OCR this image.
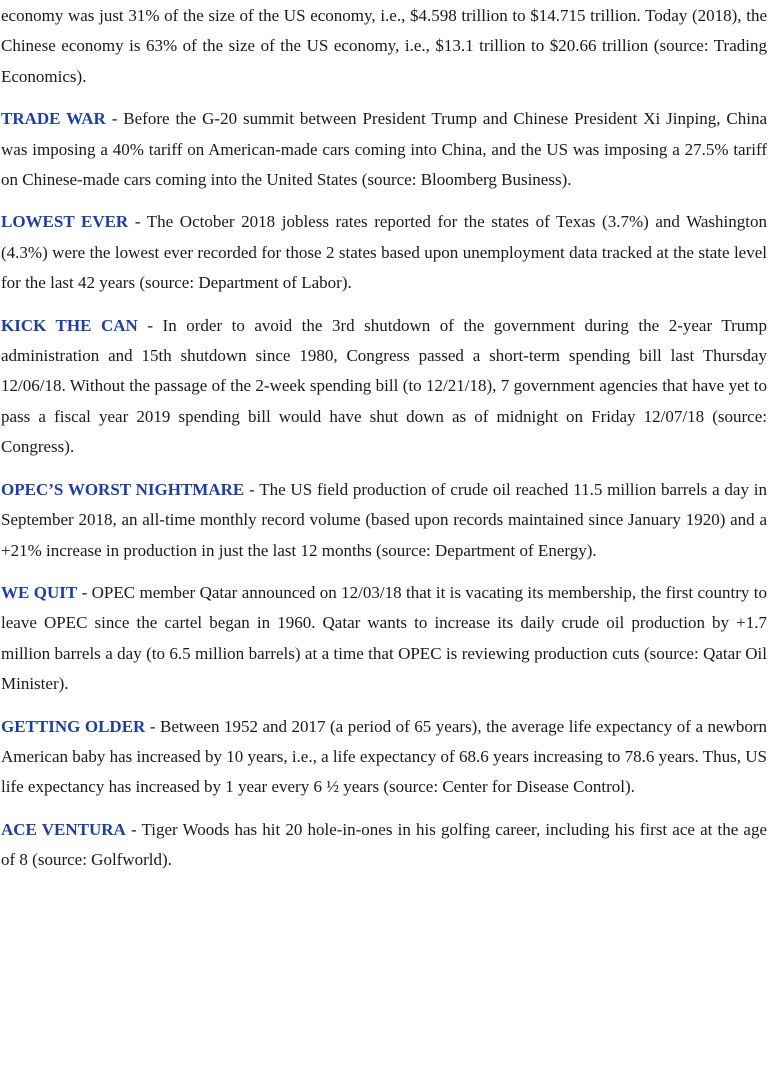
economy was just 31% of the size of the US economy, i.e., $4.598 trillion to $14.715 trillion. Today (2018), the Chinese economy is 63% of the size of the US economy, i.e., $13.1 trillion to $20.66 trillion (source: Trading Economics).

TRADE WAR - Before the G-20 summit between President Trump and Chinese President Xi Jinping, China was imposing a 40% tariff on American-made cars coming into China, and the US was imposing a 27.5% tariff on Chinese-made cars coming into the United States (source: Bloomberg Business).

LOWEST EVER - The October 2018 jobless rates reported for the states of Texas (3.7%) and Washington (4.3%) were the lowest ever recorded for those 2 states based upon unemployment data tracked at the state level for the last 42 years (source: Department of Labor).

KICK THE CAN - In order to avoid the 3rd shutdown of the government during the 2-year Trump administration and 15th shutdown since 1980, Congress passed a short-term spending bill last Thursday 12/06/18. Without the passage of the 2-week spending bill (to 12/21/18), 7 government agencies that have yet to pass a fiscal year 2019 spending bill would have shut down as of midnight on Friday 12/07/18 (source: Congress).

OPEC’S WORST NIGHTMARE - The US field production of crude oil reached 11.5 million barrels a day in September 2018, an all-time monthly record volume (based upon records maintained since January 1920) and a +21% increase in production in just the last 12 months (source: Department of Energy).

WE QUIT - OPEC member Qatar announced on 12/03/18 that it is vacating its membership, the first country to leave OPEC since the cartel began in 1960. Qatar wants to increase its daily crude oil production by +1.7 million barrels a day (to 6.5 million barrels) at a time that OPEC is reviewing production cuts (source: Qatar Oil Minister).

GETTING OLDER - Between 1952 and 2017 (a period of 65 years), the average life expectancy of a newborn American baby has increased by 10 years, i.e., a life expectancy of 68.6 years increasing to 78.6 years. Thus, US life expectancy has increased by 1 year every 6 ½ years (source: Center for Disease Control).

ACE VENTURA - Tiger Woods has hit 20 hole-in-ones in his golfing career, including his first ace at the age of 8 (source: Golfworld).
